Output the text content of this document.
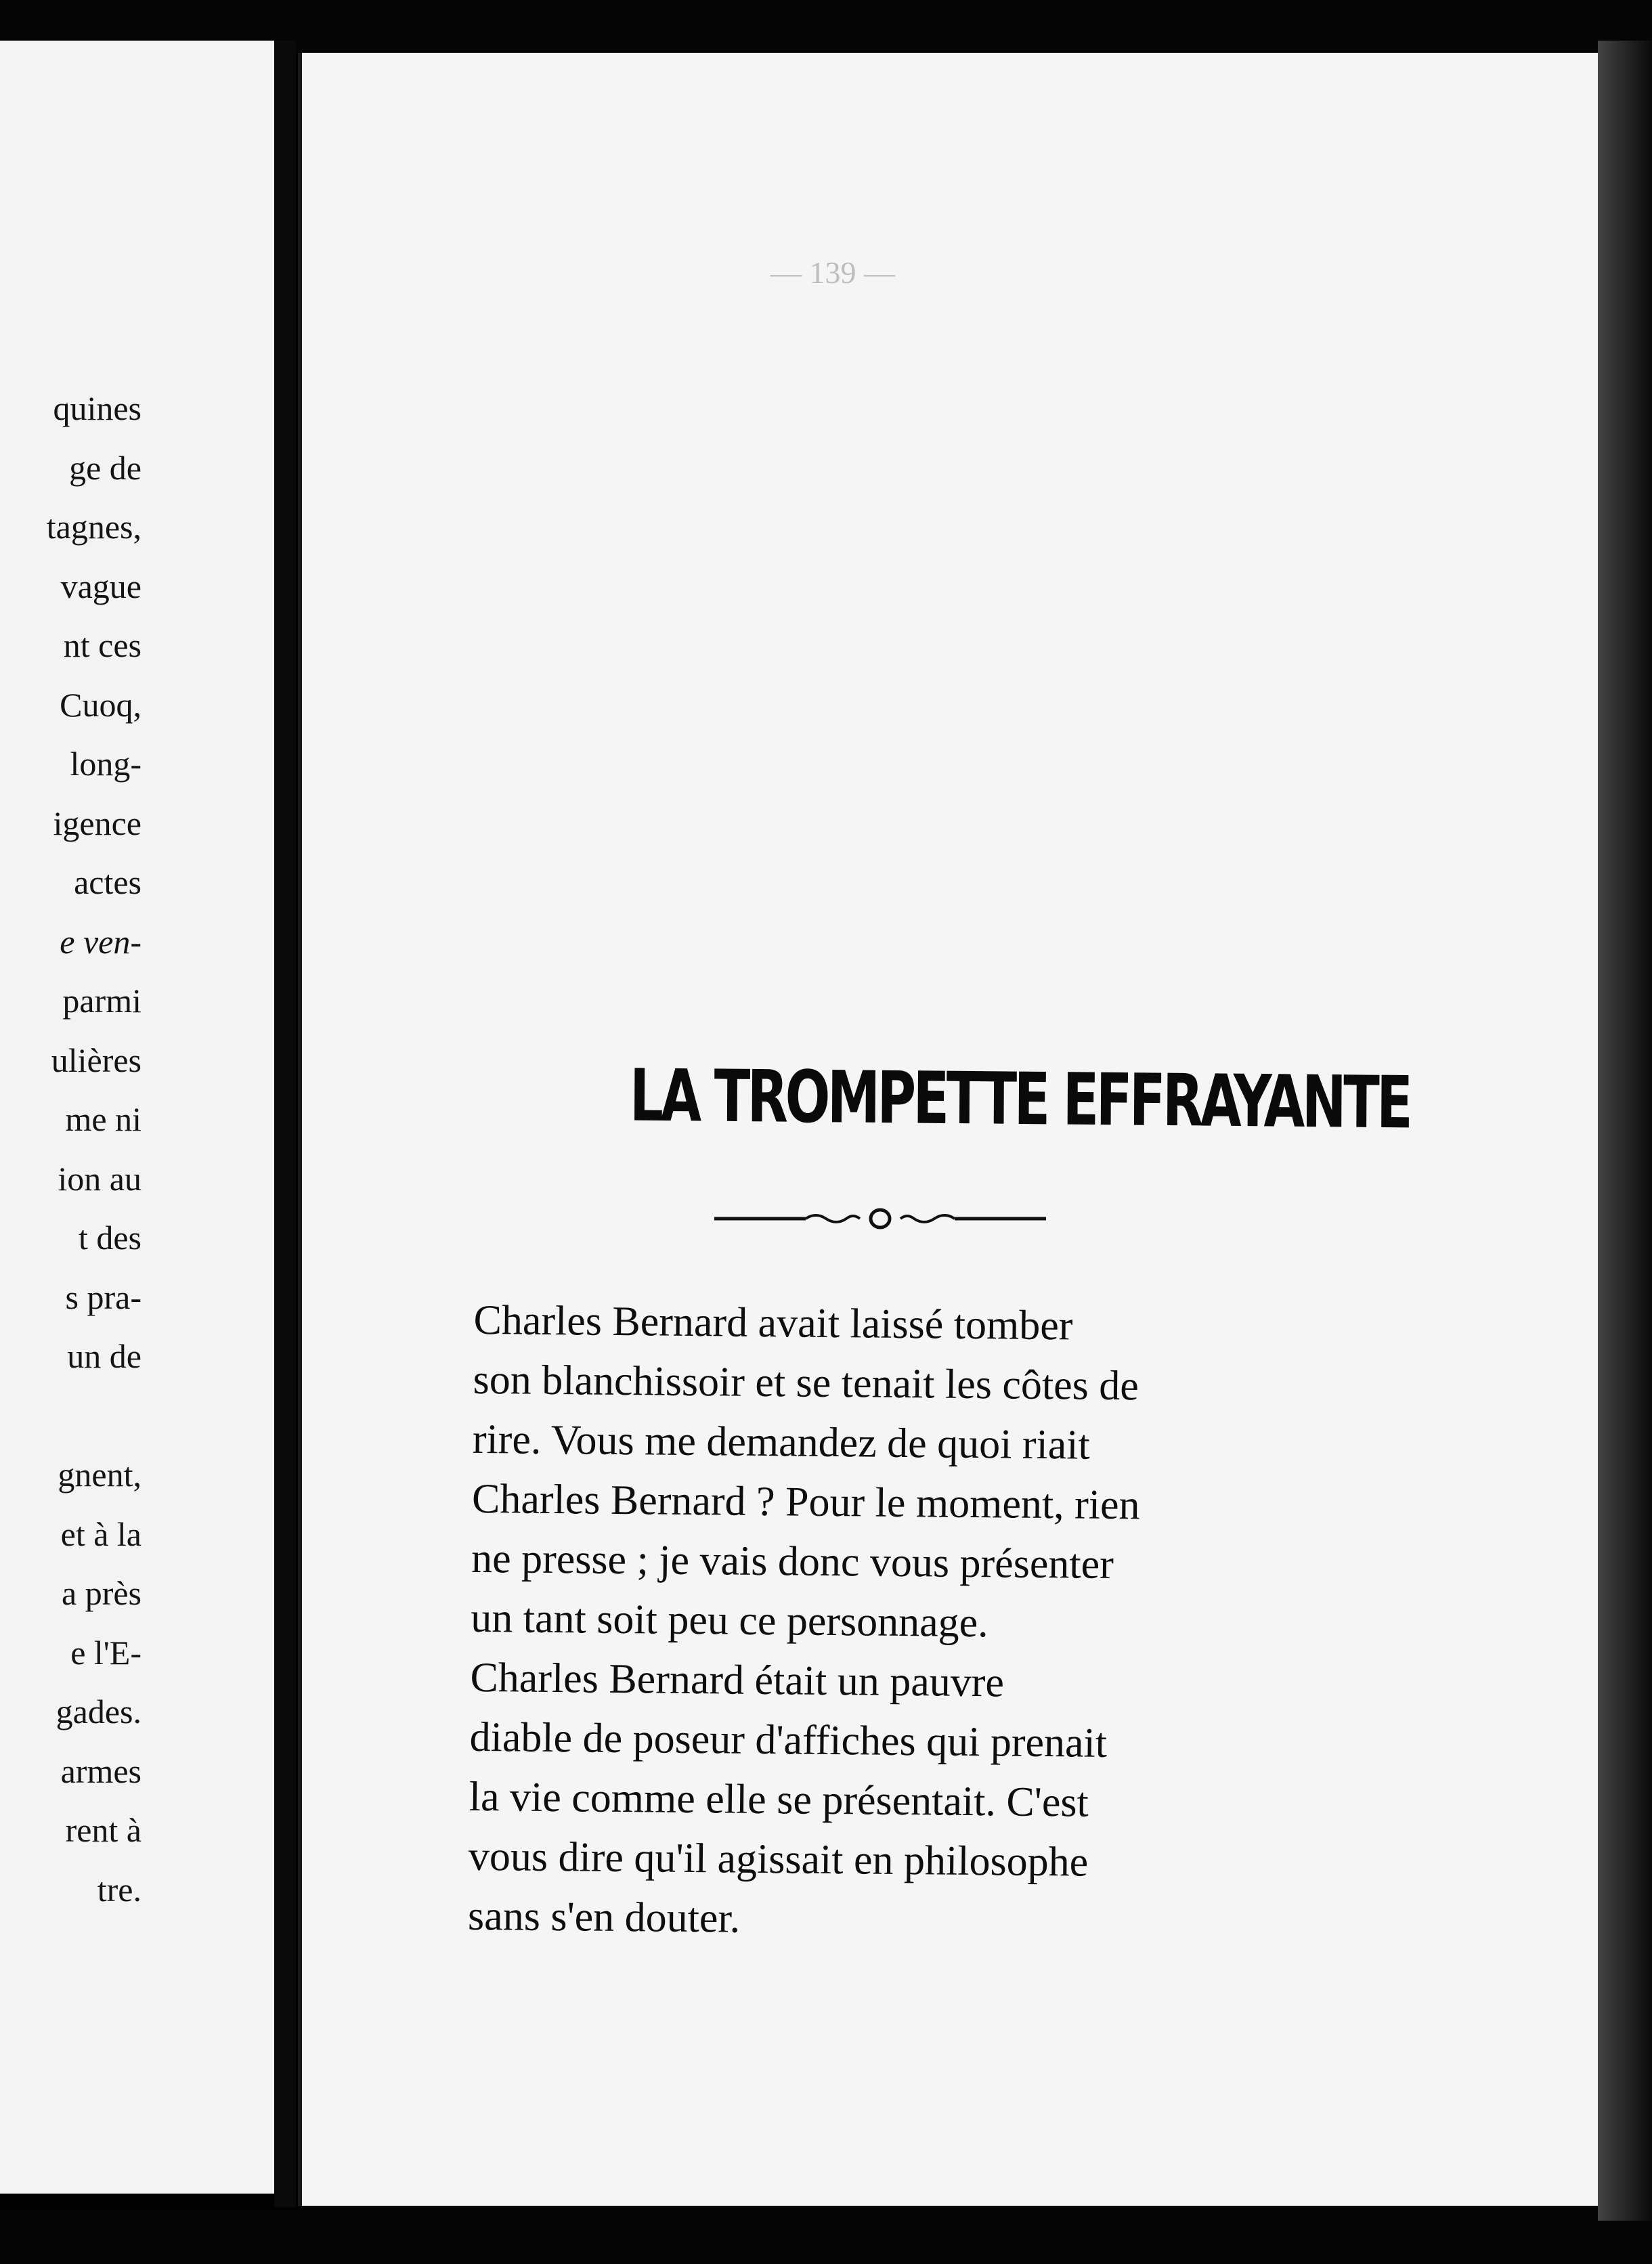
quines
ge de
tagnes,
vague
nt ces
Cuoq,
long-
igence
actes
e ven-
parmi
ulières
me ni
ion au
t des
s pra-
un de

gnent,
et à la
a près
e l'E-
gades.
armes
rent à
tre.
— 139 —
LA TROMPETTE EFFRAYANTE

Charles Bernard avait laissé tomber
son blanchissoir et se tenait les côtes de
rire. Vous me demandez de quoi riait
Charles Bernard ? Pour le moment, rien
ne presse ; je vais donc vous présenter
un tant soit peu ce personnage.

Charles Bernard était un pauvre
diable de poseur d'affiches qui prenait
la vie comme elle se présentait. C'est
vous dire qu'il agissait en philosophe
sans s'en douter.
